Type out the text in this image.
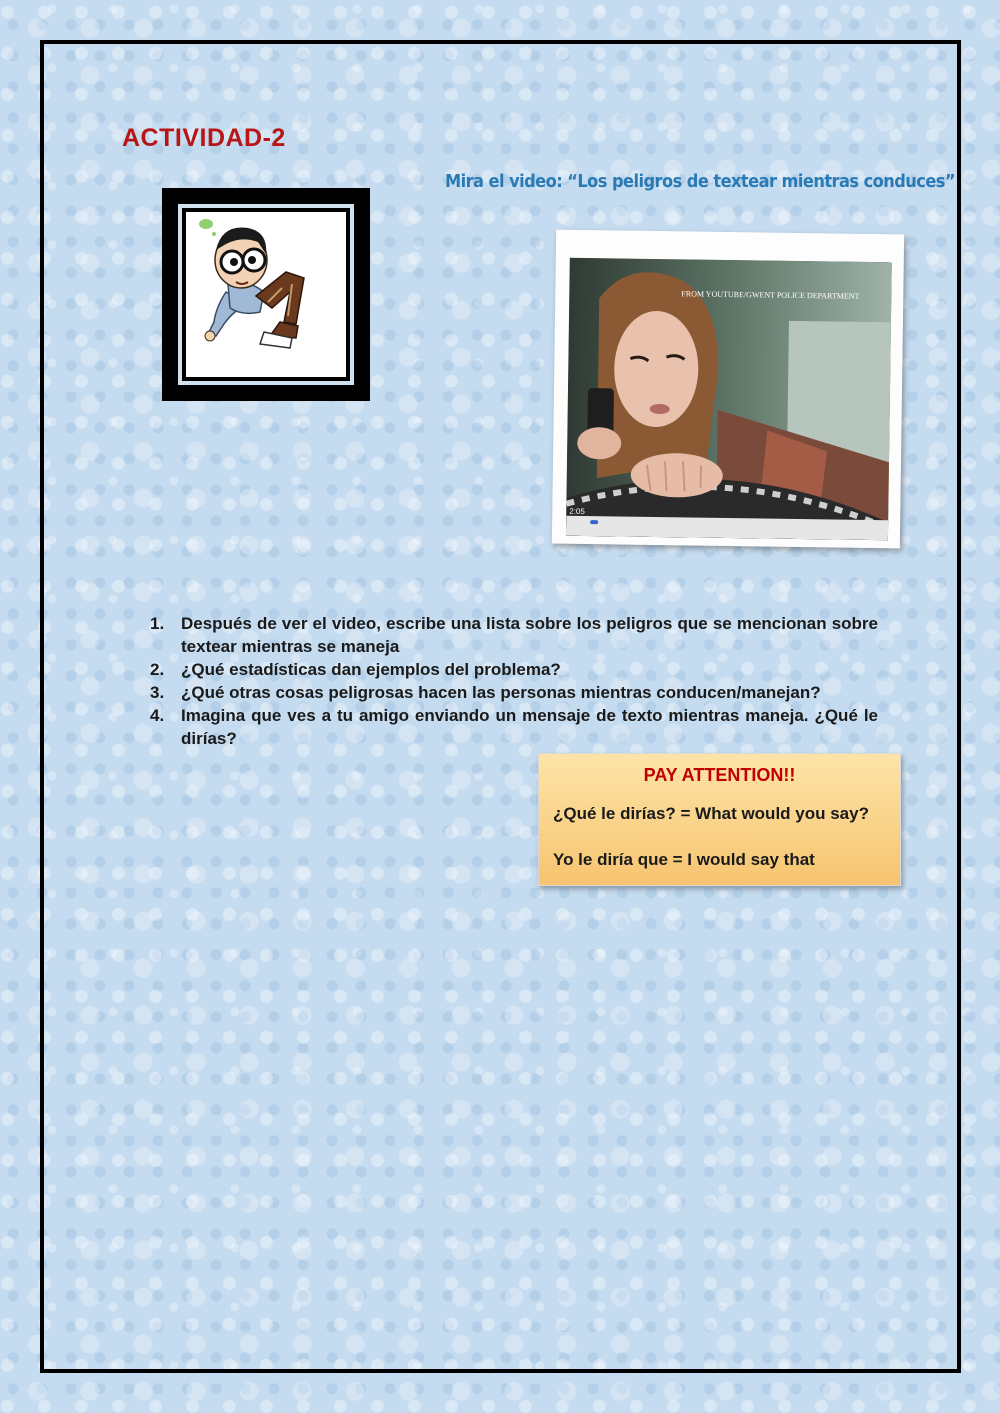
ACTIVIDAD-2

Mira el video: “Los peligros de textear mientras conduces”

FROM YOUTUBE/GWENT POLICE DEPARTMENT
2:05
1. Después de ver el video, escribe una lista sobre los peligros que se mencionan sobre textear mientras se maneja
2. ¿Qué estadísticas dan ejemplos del problema?
3. ¿Qué otras cosas peligrosas hacen las personas mientras conducen/manejan?
4. Imagina que ves a tu amigo enviando un mensaje de texto mientras maneja. ¿Qué le dirías?

PAY ATTENTION!!

¿Qué le dirías? = What would you say?
Yo le diría que = I would say that
